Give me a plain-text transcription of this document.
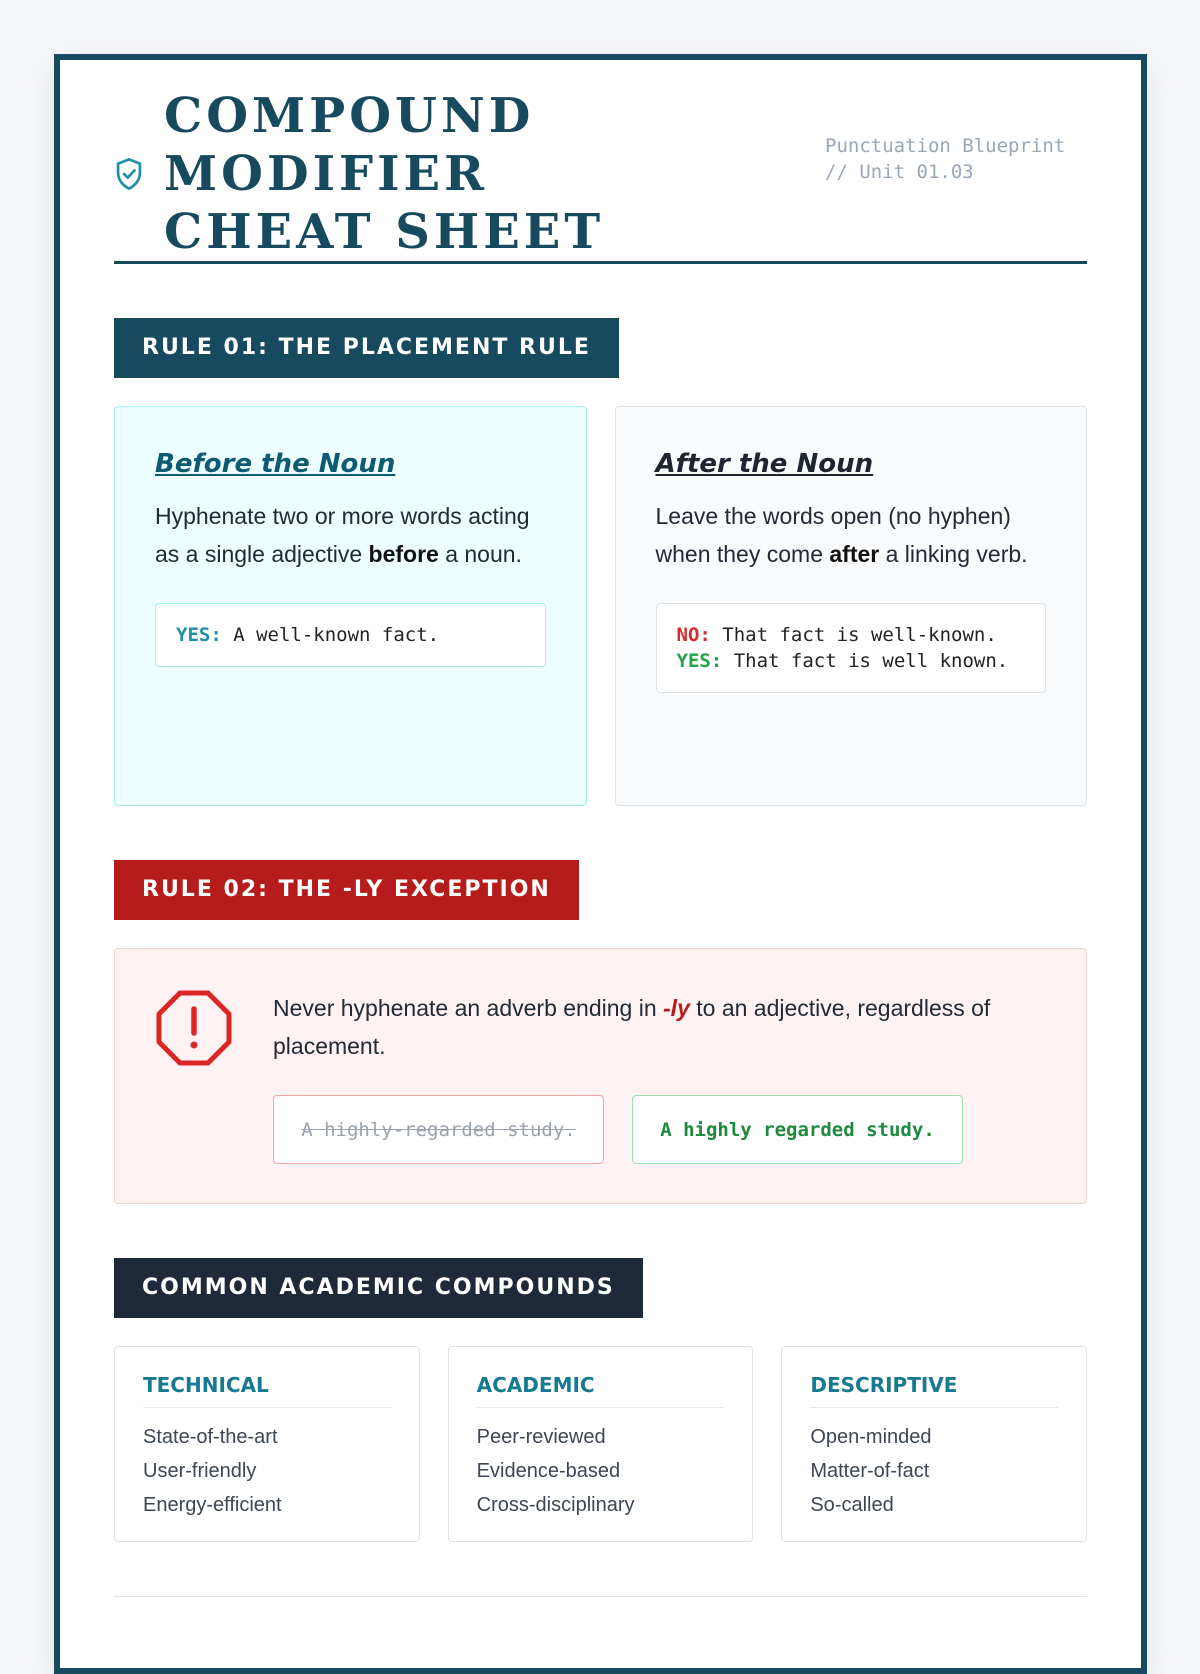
COMPOUND MODIFIER
CHEAT SHEET
Punctuation Blueprint
// Unit 01.03
RULE 01: THE PLACEMENT RULE
Before the Noun

Hyphenate two or more words acting as a single adjective before a noun.

YES: A well-known fact.
After the Noun

Leave the words open (no hyphen) when they come after a linking verb.

NO: That fact is well-known.
YES: That fact is well known.
RULE 02: THE -LY EXCEPTION
Never hyphenate an adverb ending in -ly to an adjective, regardless of placement.
A highly-regarded study.	A highly regarded study.
COMMON ACADEMIC COMPOUNDS
TECHNICAL
State-of-the-art
User-friendly
Energy-efficient
ACADEMIC
Peer-reviewed
Evidence-based
Cross-disciplinary
DESCRIPTIVE
Open-minded
Matter-of-fact
So-called
